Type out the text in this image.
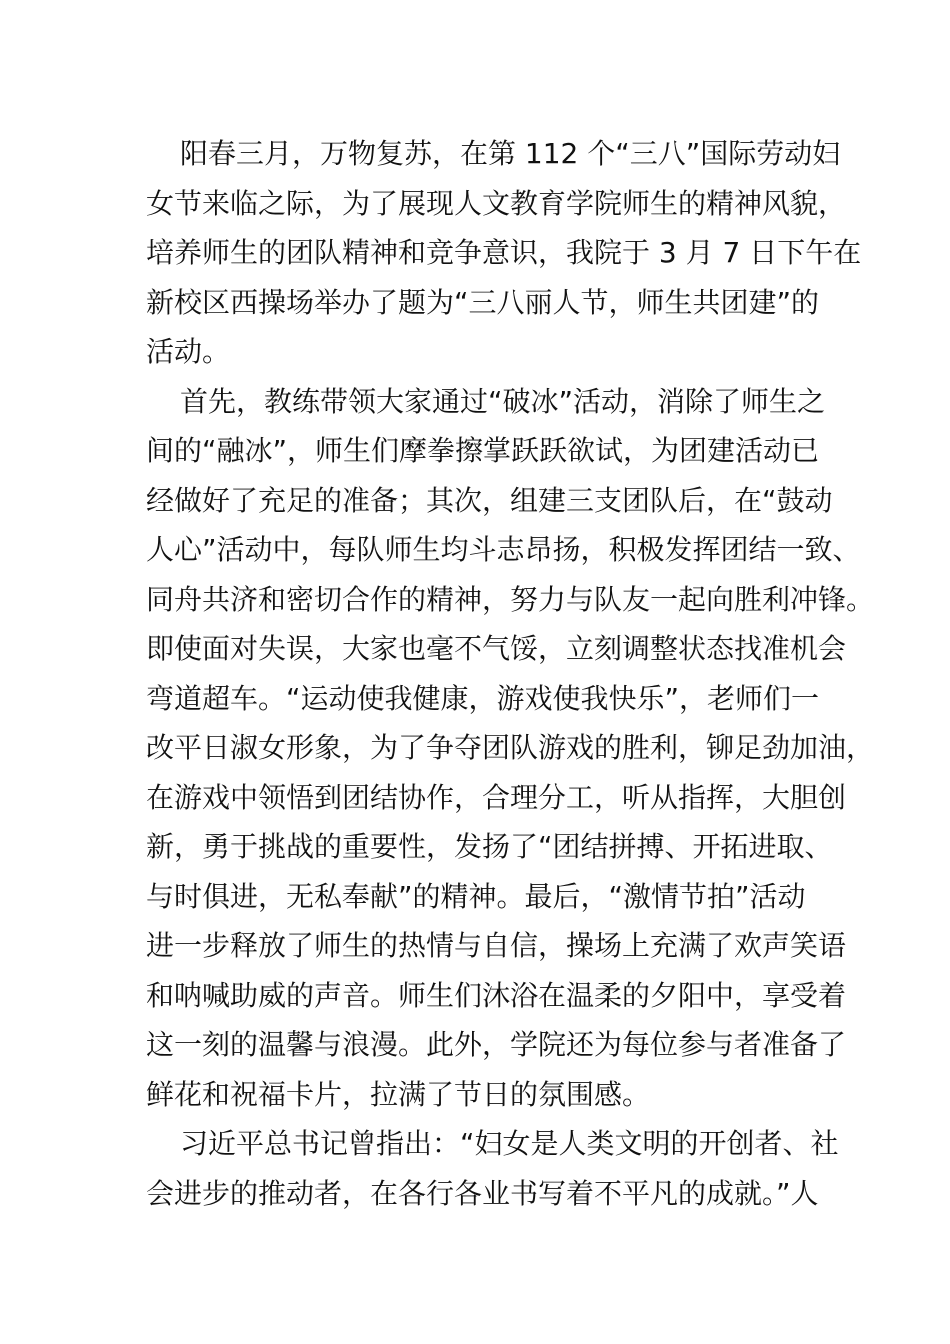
阳春三月，万物复苏，在第 112 个“三八”国际劳动妇
女节来临之际，为了展现人文教育学院师生的精神风貌，
培养师生的团队精神和竞争意识，我院于 3 月 7 日下午在
新校区西操场举办了题为“三八丽人节，师生共团建”的
活动。
首先，教练带领大家通过“破冰”活动，消除了师生之
间的“融冰”，师生们摩拳擦掌跃跃欲试，为团建活动已
经做好了充足的准备；其次，组建三支团队后，在“鼓动
人心”活动中，每队师生均斗志昂扬，积极发挥团结一致、
同舟共济和密切合作的精神，努力与队友一起向胜利冲锋。
即使面对失误，大家也毫不气馁，立刻调整状态找准机会
弯道超车。“运动使我健康，游戏使我快乐”，老师们一
改平日淑女形象，为了争夺团队游戏的胜利，铆足劲加油，
在游戏中领悟到团结协作，合理分工，听从指挥，大胆创
新，勇于挑战的重要性，发扬了“团结拼搏、开拓进取、
与时俱进，无私奉献”的精神。最后，“激情节拍”活动
进一步释放了师生的热情与自信，操场上充满了欢声笑语
和呐喊助威的声音。师生们沐浴在温柔的夕阳中，享受着
这一刻的温馨与浪漫。此外，学院还为每位参与者准备了
鲜花和祝福卡片，拉满了节日的氛围感。
习近平总书记曾指出：“妇女是人类文明的开创者、社
会进步的推动者，在各行各业书写着不平凡的成就。”人
